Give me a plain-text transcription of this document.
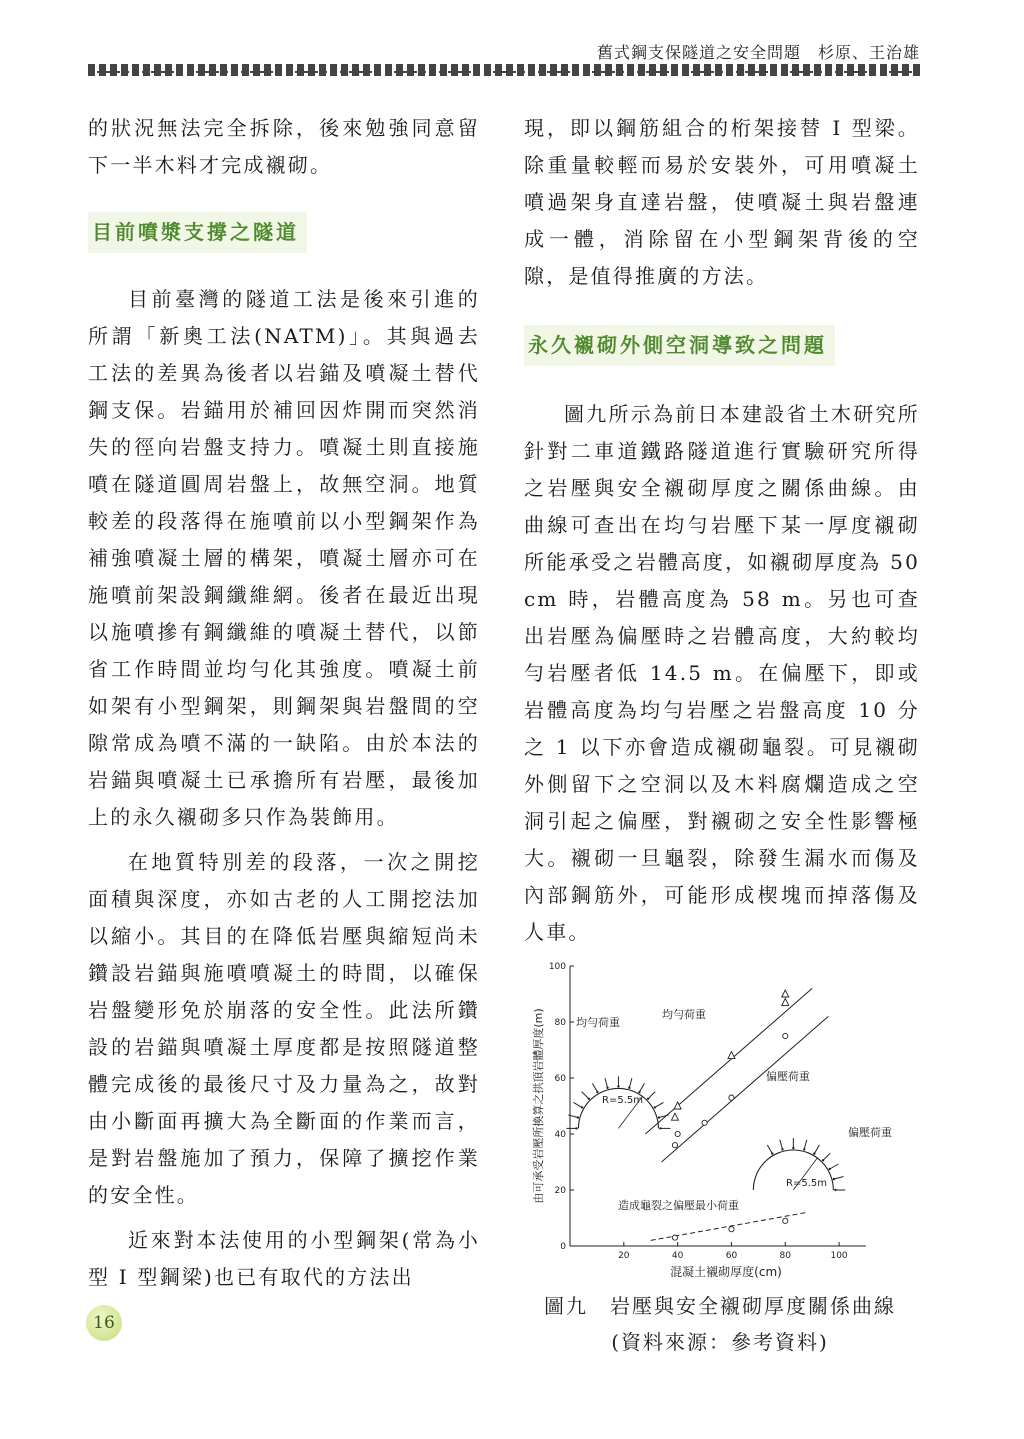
舊式鋼支保隧道之安全問題　杉原、王治雄

的狀況無法完全拆除，後來勉強同意留下一半木料才完成襯砌。

目前噴漿支撐之隧道

目前臺灣的隧道工法是後來引進的所謂「新奧工法(NATM)」。其與過去工法的差異為後者以岩錨及噴凝土替代鋼支保。岩錨用於補回因炸開而突然消失的徑向岩盤支持力。噴凝土則直接施噴在隧道圓周岩盤上，故無空洞。地質較差的段落得在施噴前以小型鋼架作為補強噴凝土層的構架，噴凝土層亦可在施噴前架設鋼纖維網。後者在最近出現以施噴摻有鋼纖維的噴凝土替代，以節省工作時間並均勻化其強度。噴凝土前如架有小型鋼架，則鋼架與岩盤間的空隙常成為噴不滿的一缺陷。由於本法的岩錨與噴凝土已承擔所有岩壓，最後加上的永久襯砌多只作為裝飾用。

在地質特別差的段落，一次之開挖面積與深度，亦如古老的人工開挖法加以縮小。其目的在降低岩壓與縮短尚未鑽設岩錨與施噴噴凝土的時間，以確保岩盤變形免於崩落的安全性。此法所鑽設的岩錨與噴凝土厚度都是按照隧道整體完成後的最後尺寸及力量為之，故對由小斷面再擴大為全斷面的作業而言，是對岩盤施加了預力，保障了擴挖作業的安全性。

近來對本法使用的小型鋼架(常為小型 I 型鋼梁)也已有取代的方法出

現，即以鋼筋組合的桁架接替 I 型梁。除重量較輕而易於安裝外，可用噴凝土噴過架身直達岩盤，使噴凝土與岩盤連成一體，消除留在小型鋼架背後的空隙，是值得推廣的方法。

永久襯砌外側空洞導致之問題

圖九所示為前日本建設省土木研究所針對二車道鐵路隧道進行實驗研究所得之岩壓與安全襯砌厚度之關係曲線。由曲線可查出在均勻岩壓下某一厚度襯砌所能承受之岩體高度，如襯砌厚度為 50 cm 時，岩體高度為 58 m。另也可查出岩壓為偏壓時之岩體高度，大約較均勻岩壓者低 14.5 m。在偏壓下，即或岩體高度為均勻岩壓之岩盤高度 10 分之 1 以下亦會造成襯砌龜裂。可見襯砌外側留下之空洞以及木料腐爛造成之空洞引起之偏壓，對襯砌之安全性影響極大。襯砌一旦龜裂，除發生漏水而傷及內部鋼筋外，可能形成楔塊而掉落傷及人車。

0
20
40
60
80
100
20	40	60	80	100
由可承受岩壓所換算之拱頂岩體厚度(m)
混凝土襯砌厚度(cm)
均勻荷重
均勻荷重
偏壓荷重
偏壓荷重
R=5.5m
R=5.5m
造成龜裂之偏壓最小荷重
圖九　岩壓與安全襯砌厚度關係曲線
(資料來源：參考資料)
16
